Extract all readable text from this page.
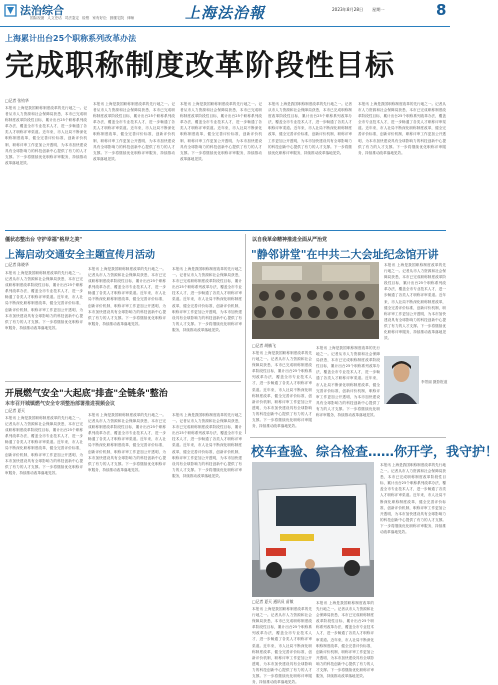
法治综合
国际视窗 人文史话 司法鉴定 检察 家有好讼 鼓楼宅院 律师	上海法治報	2023年8月28日 星期一	8
上海累计出台25个职称系列改革办法
完成职称制度改革阶段性目标
□记者 张钧华
本报讯 上海是我国职称制度改革的先行地之一。记者从市人力资源和社会保障局获悉，本市已完成职称制度改革阶段性目标，累计出台25个职称系列改革办法，覆盖全市专业技术人才，进一步畅通了各类人才职称评审渠道。近年来，市人社局不断深化职称制度改革，健全完善评价标准，创新评价机制，职称评审工作更加公开透明，为本市加快建设具有全球影响力的科技创新中心提供了有力的人才支撑。下一步将继续优化职称评审服务，持续推动改革落地见效。
本报讯 上海是我国职称制度改革的先行地之一。记者从市人力资源和社会保障局获悉，本市已完成职称制度改革阶段性目标，累计出台25个职称系列改革办法，覆盖全市专业技术人才，进一步畅通了各类人才职称评审渠道。近年来，市人社局不断深化职称制度改革，健全完善评价标准，创新评价机制，职称评审工作更加公开透明，为本市加快建设具有全球影响力的科技创新中心提供了有力的人才支撑。下一步将继续优化职称评审服务，持续推动改革落地见效。
本报讯 上海是我国职称制度改革的先行地之一。记者从市人力资源和社会保障局获悉，本市已完成职称制度改革阶段性目标，累计出台25个职称系列改革办法，覆盖全市专业技术人才，进一步畅通了各类人才职称评审渠道。近年来，市人社局不断深化职称制度改革，健全完善评价标准，创新评价机制，职称评审工作更加公开透明，为本市加快建设具有全球影响力的科技创新中心提供了有力的人才支撑。下一步将继续优化职称评审服务，持续推动改革落地见效。
本报讯 上海是我国职称制度改革的先行地之一。记者从市人力资源和社会保障局获悉，本市已完成职称制度改革阶段性目标，累计出台25个职称系列改革办法，覆盖全市专业技术人才，进一步畅通了各类人才职称评审渠道。近年来，市人社局不断深化职称制度改革，健全完善评价标准，创新评价机制，职称评审工作更加公开透明，为本市加快建设具有全球影响力的科技创新中心提供了有力的人才支撑。下一步将继续优化职称评审服务，持续推动改革落地见效。
本报讯 上海是我国职称制度改革的先行地之一。记者从市人力资源和社会保障局获悉，本市已完成职称制度改革阶段性目标，累计出台25个职称系列改革办法，覆盖全市专业技术人才，进一步畅通了各类人才职称评审渠道。近年来，市人社局不断深化职称制度改革，健全完善评价标准，创新评价机制，职称评审工作更加公开透明，为本市加快建设具有全球影响力的科技创新中心提供了有力的人才支撑。下一步将继续优化职称评审服务，持续推动改革落地见效。
僵状态整出台 守护幸福"格岸之美"
上海启动交通安全主题宣传月活动
□记者 陈晓华
本报讯 上海是我国职称制度改革的先行地之一。记者从市人力资源和社会保障局获悉，本市已完成职称制度改革阶段性目标，累计出台25个职称系列改革办法，覆盖全市专业技术人才，进一步畅通了各类人才职称评审渠道。近年来，市人社局不断深化职称制度改革，健全完善评价标准，创新评价机制，职称评审工作更加公开透明，为本市加快建设具有全球影响力的科技创新中心提供了有力的人才支撑。下一步将继续优化职称评审服务，持续推动改革落地见效。
本报讯 上海是我国职称制度改革的先行地之一。记者从市人力资源和社会保障局获悉，本市已完成职称制度改革阶段性目标，累计出台25个职称系列改革办法，覆盖全市专业技术人才，进一步畅通了各类人才职称评审渠道。近年来，市人社局不断深化职称制度改革，健全完善评价标准，创新评价机制，职称评审工作更加公开透明，为本市加快建设具有全球影响力的科技创新中心提供了有力的人才支撑。下一步将继续优化职称评审服务，持续推动改革落地见效。
本报讯 上海是我国职称制度改革的先行地之一。记者从市人力资源和社会保障局获悉，本市已完成职称制度改革阶段性目标，累计出台25个职称系列改革办法，覆盖全市专业技术人才，进一步畅通了各类人才职称评审渠道。近年来，市人社局不断深化职称制度改革，健全完善评价标准，创新评价机制，职称评审工作更加公开透明，为本市加快建设具有全球影响力的科技创新中心提供了有力的人才支撑。下一步将继续优化职称评审服务，持续推动改革落地见效。
以自我革命精神推进全面从严治党
"静邻讲堂"在中共二大会址纪念馆开讲
本报讯 上海是我国职称制度改革的先行地之一。记者从市人力资源和社会保障局获悉，本市已完成职称制度改革阶段性目标，累计出台25个职称系列改革办法，覆盖全市专业技术人才，进一步畅通了各类人才职称评审渠道。近年来，市人社局不断深化职称制度改革，健全完善评价标准，创新评价机制，职称评审工作更加公开透明，为本市加快建设具有全球影响力的科技创新中心提供了有力的人才支撑。下一步将继续优化职称评审服务，持续推动改革落地见效。
□记者 胡楠飞
本报讯 上海是我国职称制度改革的先行地之一。记者从市人力资源和社会保障局获悉，本市已完成职称制度改革阶段性目标，累计出台25个职称系列改革办法，覆盖全市专业技术人才，进一步畅通了各类人才职称评审渠道。近年来，市人社局不断深化职称制度改革，健全完善评价标准，创新评价机制，职称评审工作更加公开透明，为本市加快建设具有全球影响力的科技创新中心提供了有力的人才支撑。下一步将继续优化职称评审服务，持续推动改革落地见效。
本报讯 上海是我国职称制度改革的先行地之一。记者从市人力资源和社会保障局获悉，本市已完成职称制度改革阶段性目标，累计出台25个职称系列改革办法，覆盖全市专业技术人才，进一步畅通了各类人才职称评审渠道。近年来，市人社局不断深化职称制度改革，健全完善评价标准，创新评价机制，职称评审工作更加公开透明，为本市加快建设具有全球影响力的科技创新中心提供了有力的人才支撑。下一步将继续优化职称评审服务，持续推动改革落地见效。
李景丽 摄影报道
开展燃气安全"大起底"排查"全链条"整治
本市召开城镇燃气安全专项整治部署推进视频会议
□记者 夏天
本报讯 上海是我国职称制度改革的先行地之一。记者从市人力资源和社会保障局获悉，本市已完成职称制度改革阶段性目标，累计出台25个职称系列改革办法，覆盖全市专业技术人才，进一步畅通了各类人才职称评审渠道。近年来，市人社局不断深化职称制度改革，健全完善评价标准，创新评价机制，职称评审工作更加公开透明，为本市加快建设具有全球影响力的科技创新中心提供了有力的人才支撑。下一步将继续优化职称评审服务，持续推动改革落地见效。
本报讯 上海是我国职称制度改革的先行地之一。记者从市人力资源和社会保障局获悉，本市已完成职称制度改革阶段性目标，累计出台25个职称系列改革办法，覆盖全市专业技术人才，进一步畅通了各类人才职称评审渠道。近年来，市人社局不断深化职称制度改革，健全完善评价标准，创新评价机制，职称评审工作更加公开透明，为本市加快建设具有全球影响力的科技创新中心提供了有力的人才支撑。下一步将继续优化职称评审服务，持续推动改革落地见效。
本报讯 上海是我国职称制度改革的先行地之一。记者从市人力资源和社会保障局获悉，本市已完成职称制度改革阶段性目标，累计出台25个职称系列改革办法，覆盖全市专业技术人才，进一步畅通了各类人才职称评审渠道。近年来，市人社局不断深化职称制度改革，健全完善评价标准，创新评价机制，职称评审工作更加公开透明，为本市加快建设具有全球影响力的科技创新中心提供了有力的人才支撑。下一步将继续优化职称评审服务，持续推动改革落地见效。
校车查验、综合检查……你开学，我守护！
□记者 夏天 通讯员 苗敏
本报讯 上海是我国职称制度改革的先行地之一。记者从市人力资源和社会保障局获悉，本市已完成职称制度改革阶段性目标，累计出台25个职称系列改革办法，覆盖全市专业技术人才，进一步畅通了各类人才职称评审渠道。近年来，市人社局不断深化职称制度改革，健全完善评价标准，创新评价机制，职称评审工作更加公开透明，为本市加快建设具有全球影响力的科技创新中心提供了有力的人才支撑。下一步将继续优化职称评审服务，持续推动改革落地见效。
本报讯 上海是我国职称制度改革的先行地之一。记者从市人力资源和社会保障局获悉，本市已完成职称制度改革阶段性目标，累计出台25个职称系列改革办法，覆盖全市专业技术人才，进一步畅通了各类人才职称评审渠道。近年来，市人社局不断深化职称制度改革，健全完善评价标准，创新评价机制，职称评审工作更加公开透明，为本市加快建设具有全球影响力的科技创新中心提供了有力的人才支撑。下一步将继续优化职称评审服务，持续推动改革落地见效。
本报讯 上海是我国职称制度改革的先行地之一。记者从市人力资源和社会保障局获悉，本市已完成职称制度改革阶段性目标，累计出台25个职称系列改革办法，覆盖全市专业技术人才，进一步畅通了各类人才职称评审渠道。近年来，市人社局不断深化职称制度改革，健全完善评价标准，创新评价机制，职称评审工作更加公开透明，为本市加快建设具有全球影响力的科技创新中心提供了有力的人才支撑。下一步将继续优化职称评审服务，持续推动改革落地见效。
